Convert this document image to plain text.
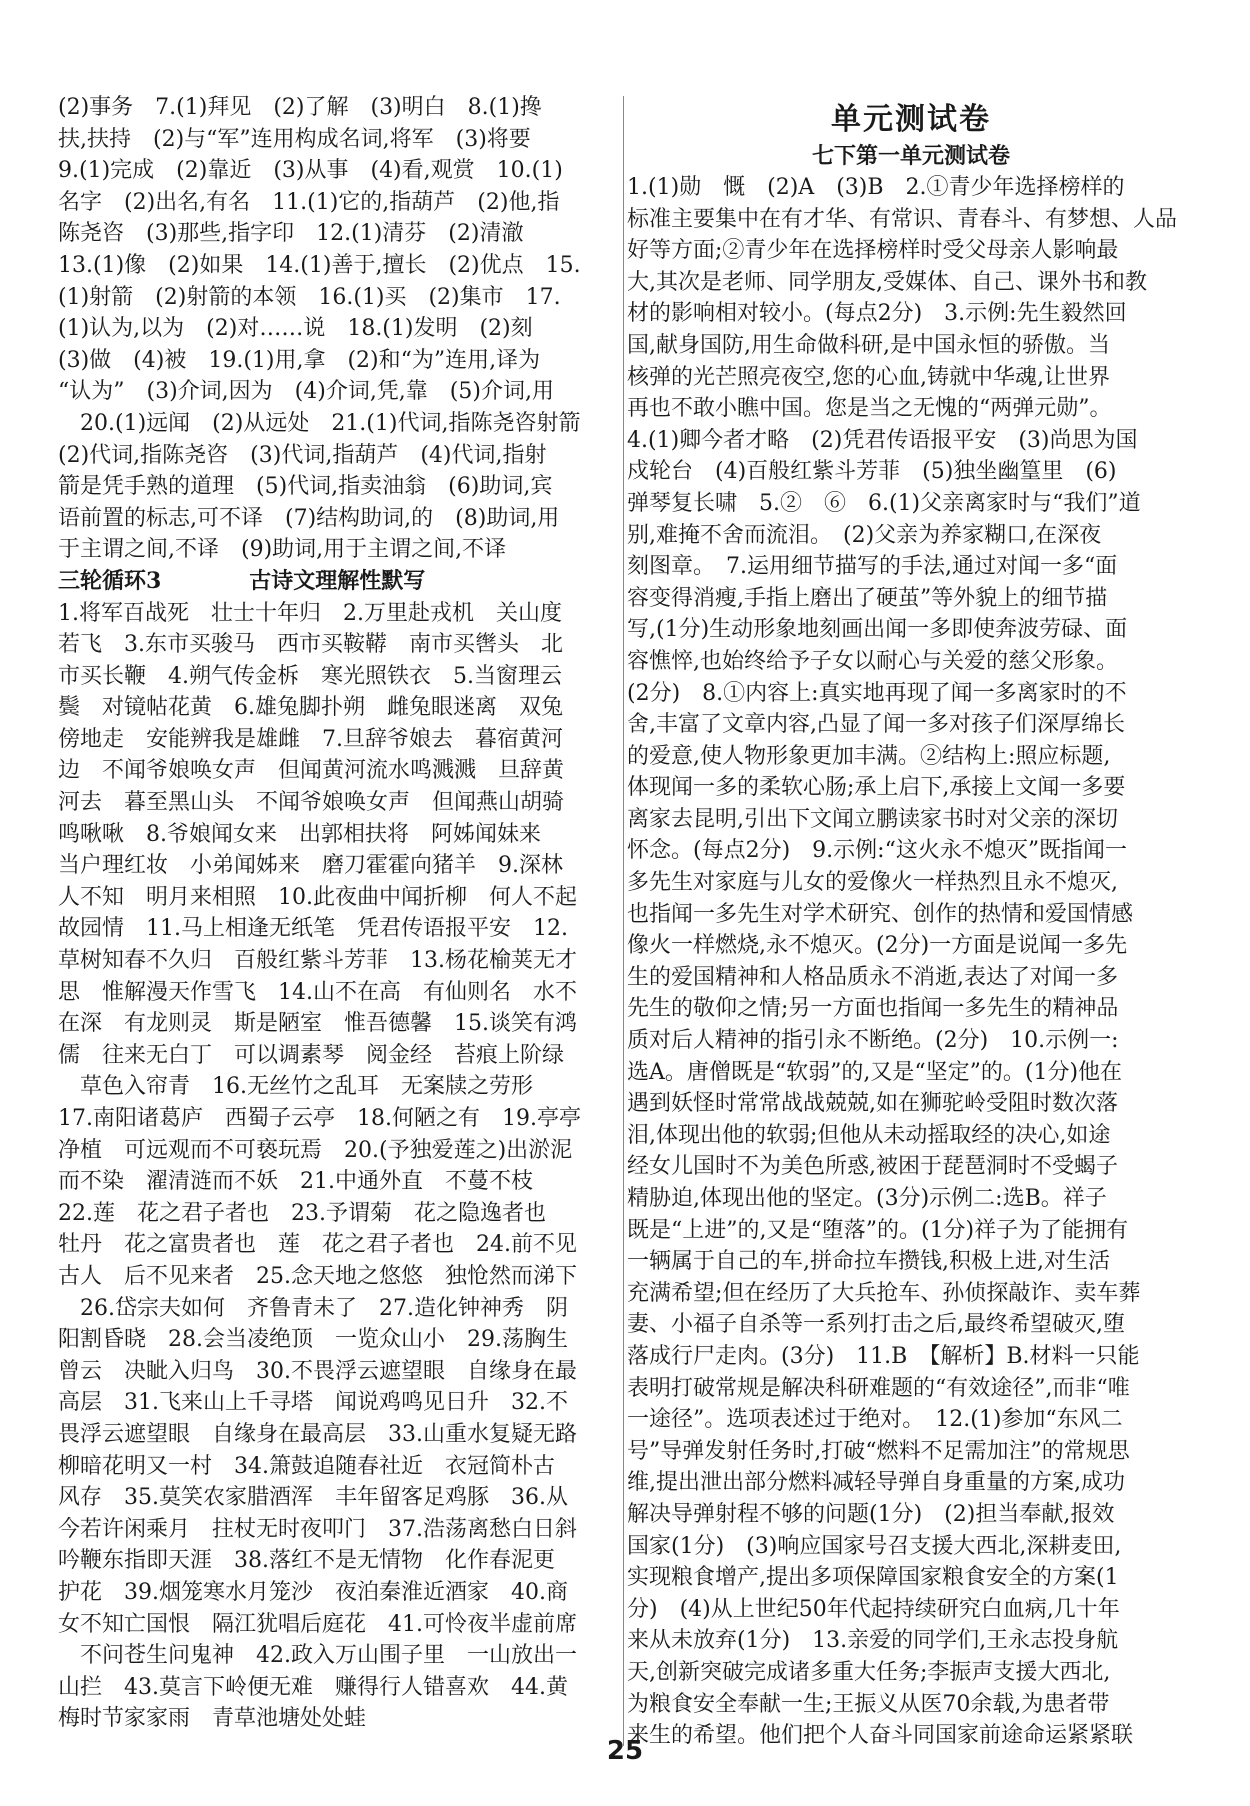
(2)事务　7.(1)拜见　(2)了解　(3)明白　8.(1)搀
扶,扶持　(2)与“军”连用构成名词,将军　(3)将要
9.(1)完成　(2)靠近　(3)从事　(4)看,观赏　10.(1)
名字　(2)出名,有名　11.(1)它的,指葫芦　(2)他,指
陈尧咨　(3)那些,指字印　12.(1)清芬　(2)清澈
13.(1)像　(2)如果　14.(1)善于,擅长　(2)优点　15.
(1)射箭　(2)射箭的本领　16.(1)买　(2)集市　17.
(1)认为,以为　(2)对……说　18.(1)发明　(2)刻
(3)做　(4)被　19.(1)用,拿　(2)和“为”连用,译为
“认为”　(3)介词,因为　(4)介词,凭,靠　(5)介词,用
　20.(1)远闻　(2)从远处　21.(1)代词,指陈尧咨射箭
(2)代词,指陈尧咨　(3)代词,指葫芦　(4)代词,指射
箭是凭手熟的道理　(5)代词,指卖油翁　(6)助词,宾
语前置的标志,可不译　(7)结构助词,的　(8)助词,用
于主谓之间,不译　(9)助词,用于主谓之间,不译
三轮循环3　　　　古诗文理解性默写
1.将军百战死　壮士十年归　2.万里赴戎机　关山度
若飞　3.东市买骏马　西市买鞍鞯　南市买辔头　北
市买长鞭　4.朔气传金柝　寒光照铁衣　5.当窗理云
鬓　对镜帖花黄　6.雄兔脚扑朔　雌兔眼迷离　双兔
傍地走　安能辨我是雄雌　7.旦辞爷娘去　暮宿黄河
边　不闻爷娘唤女声　但闻黄河流水鸣溅溅　旦辞黄
河去　暮至黑山头　不闻爷娘唤女声　但闻燕山胡骑
鸣啾啾　8.爷娘闻女来　出郭相扶将　阿姊闻妹来
当户理红妆　小弟闻姊来　磨刀霍霍向猪羊　9.深林
人不知　明月来相照　10.此夜曲中闻折柳　何人不起
故园情　11.马上相逢无纸笔　凭君传语报平安　12.
草树知春不久归　百般红紫斗芳菲　13.杨花榆荚无才
思　惟解漫天作雪飞　14.山不在高　有仙则名　水不
在深　有龙则灵　斯是陋室　惟吾德馨　15.谈笑有鸿
儒　往来无白丁　可以调素琴　阅金经　苔痕上阶绿
　草色入帘青　16.无丝竹之乱耳　无案牍之劳形
17.南阳诸葛庐　西蜀子云亭　18.何陋之有　19.亭亭
净植　可远观而不可亵玩焉　20.(予独爱莲之)出淤泥
而不染　濯清涟而不妖　21.中通外直　不蔓不枝
22.莲　花之君子者也　23.予谓菊　花之隐逸者也
牡丹　花之富贵者也　莲　花之君子者也　24.前不见
古人　后不见来者　25.念天地之悠悠　独怆然而涕下
　26.岱宗夫如何　齐鲁青未了　27.造化钟神秀　阴
阳割昏晓　28.会当凌绝顶　一览众山小　29.荡胸生
曾云　决眦入归鸟　30.不畏浮云遮望眼　自缘身在最
高层　31.飞来山上千寻塔　闻说鸡鸣见日升　32.不
畏浮云遮望眼　自缘身在最高层　33.山重水复疑无路
柳暗花明又一村　34.箫鼓追随春社近　衣冠简朴古
风存　35.莫笑农家腊酒浑　丰年留客足鸡豚　36.从
今若许闲乘月　拄杖无时夜叩门　37.浩荡离愁白日斜
吟鞭东指即天涯　38.落红不是无情物　化作春泥更
护花　39.烟笼寒水月笼沙　夜泊秦淮近酒家　40.商
女不知亡国恨　隔江犹唱后庭花　41.可怜夜半虚前席
　不问苍生问鬼神　42.政入万山围子里　一山放出一
山拦　43.莫言下岭便无难　赚得行人错喜欢　44.黄
梅时节家家雨　青草池塘处处蛙
单元测试卷
七下第一单元测试卷
1.(1)勋　慨　(2)A　(3)B　2.①青少年选择榜样的
标准主要集中在有才华、有常识、青春斗、有梦想、人品
好等方面;②青少年在选择榜样时受父母亲人影响最
大,其次是老师、同学朋友,受媒体、自己、课外书和教
材的影响相对较小。(每点2分)　3.示例:先生毅然回
国,献身国防,用生命做科研,是中国永恒的骄傲。当
核弹的光芒照亮夜空,您的心血,铸就中华魂,让世界
再也不敢小瞧中国。您是当之无愧的“两弹元勋”。
4.(1)卿今者才略　(2)凭君传语报平安　(3)尚思为国
戍轮台　(4)百般红紫斗芳菲　(5)独坐幽篁里　(6)
弹琴复长啸　5.②　⑥　6.(1)父亲离家时与“我们”道
别,难掩不舍而流泪。　(2)父亲为养家糊口,在深夜
刻图章。　7.运用细节描写的手法,通过对闻一多“面
容变得消瘦,手指上磨出了硬茧”等外貌上的细节描
写,(1分)生动形象地刻画出闻一多即使奔波劳碌、面
容憔悴,也始终给予子女以耐心与关爱的慈父形象。
(2分)　8.①内容上:真实地再现了闻一多离家时的不
舍,丰富了文章内容,凸显了闻一多对孩子们深厚绵长
的爱意,使人物形象更加丰满。②结构上:照应标题,
体现闻一多的柔软心肠;承上启下,承接上文闻一多要
离家去昆明,引出下文闻立鹏读家书时对父亲的深切
怀念。(每点2分)　9.示例:“这火永不熄灭”既指闻一
多先生对家庭与儿女的爱像火一样热烈且永不熄灭,
也指闻一多先生对学术研究、创作的热情和爱国情感
像火一样燃烧,永不熄灭。(2分)一方面是说闻一多先
生的爱国精神和人格品质永不消逝,表达了对闻一多
先生的敬仰之情;另一方面也指闻一多先生的精神品
质对后人精神的指引永不断绝。(2分)　10.示例一:
选A。唐僧既是“软弱”的,又是“坚定”的。(1分)他在
遇到妖怪时常常战战兢兢,如在狮驼岭受阻时数次落
泪,体现出他的软弱;但他从未动摇取经的决心,如途
经女儿国时不为美色所惑,被困于琵琶洞时不受蝎子
精胁迫,体现出他的坚定。(3分)示例二:选B。祥子
既是“上进”的,又是“堕落”的。(1分)祥子为了能拥有
一辆属于自己的车,拼命拉车攒钱,积极上进,对生活
充满希望;但在经历了大兵抢车、孙侦探敲诈、卖车葬
妻、小福子自杀等一系列打击之后,最终希望破灭,堕
落成行尸走肉。(3分)　11.B　【解析】B.材料一只能
表明打破常规是解决科研难题的“有效途径”,而非“唯
一途径”。选项表述过于绝对。　12.(1)参加“东风二
号”导弹发射任务时,打破“燃料不足需加注”的常规思
维,提出泄出部分燃料减轻导弹自身重量的方案,成功
解决导弹射程不够的问题(1分)　(2)担当奉献,报效
国家(1分)　(3)响应国家号召支援大西北,深耕麦田,
实现粮食增产,提出多项保障国家粮食安全的方案(1
分)　(4)从上世纪50年代起持续研究白血病,几十年
来从未放弃(1分)　13.亲爱的同学们,王永志投身航
天,创新突破完成诸多重大任务;李振声支援大西北,
为粮食安全奉献一生;王振义从医70余载,为患者带
来生的希望。他们把个人奋斗同国家前途命运紧紧联
25
